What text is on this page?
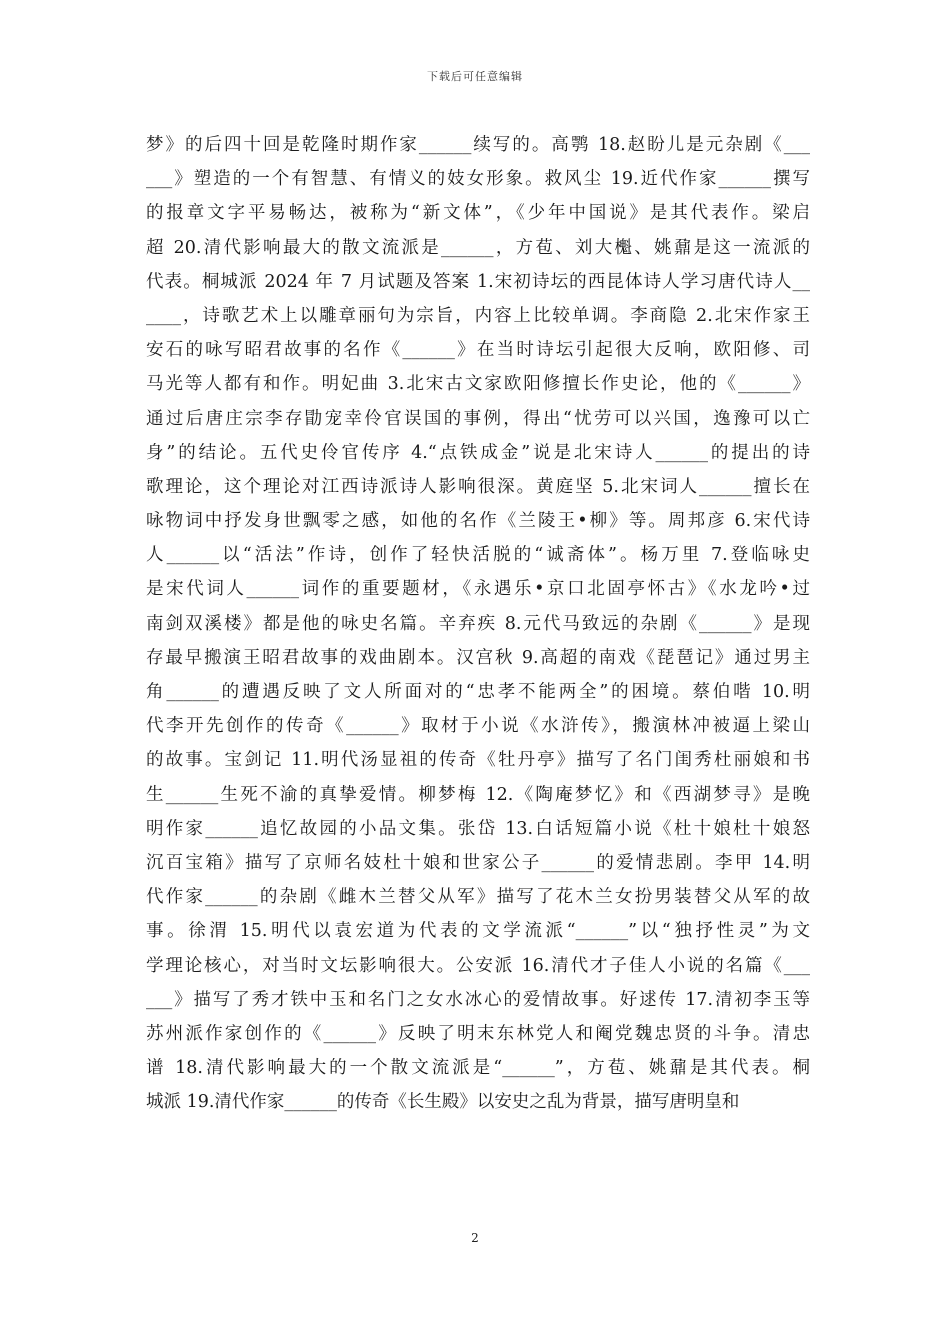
下载后可任意编辑
梦》的后四十回是乾隆时期作家______续写的。高鹗 18.赵盼儿是元杂剧《___
___》塑造的一个有智慧、有情义的妓女形象。救风尘 19.近代作家______撰写
的报章文字平易畅达，被称为“新文体”，《少年中国说》是其代表作。梁启
超 20.清代影响最大的散文流派是______，方苞、刘大櫆、姚鼐是这一流派的
代表。桐城派 2024 年 7 月试题及答案 1.宋初诗坛的西昆体诗人学习唐代诗人__
____，诗歌艺术上以雕章丽句为宗旨，内容上比较单调。李商隐 2.北宋作家王
安石的咏写昭君故事的名作《______》在当时诗坛引起很大反响，欧阳修、司
马光等人都有和作。明妃曲 3.北宋古文家欧阳修擅长作史论，他的《______》
通过后唐庄宗李存勖宠幸伶官误国的事例，得出“忧劳可以兴国，逸豫可以亡
身”的结论。五代史伶官传序 4.“点铁成金”说是北宋诗人______的提出的诗
歌理论，这个理论对江西诗派诗人影响很深。黄庭坚 5.北宋词人______擅长在
咏物词中抒发身世飘零之感，如他的名作《兰陵王•柳》等。周邦彦 6.宋代诗
人______以“活法”作诗，创作了轻快活脱的“诚斋体”。杨万里 7.登临咏史
是宋代词人______词作的重要题材，《永遇乐•京口北固亭怀古》《水龙吟•过
南剑双溪楼》都是他的咏史名篇。辛弃疾 8.元代马致远的杂剧《______》是现
存最早搬演王昭君故事的戏曲剧本。汉宫秋 9.高超的南戏《琵琶记》通过男主
角______的遭遇反映了文人所面对的“忠孝不能两全”的困境。蔡伯喈 10.明
代李开先创作的传奇《______》取材于小说《水浒传》，搬演林冲被逼上梁山
的故事。宝剑记 11.明代汤显祖的传奇《牡丹亭》描写了名门闺秀杜丽娘和书
生______生死不渝的真挚爱情。柳梦梅 12.《陶庵梦忆》和《西湖梦寻》是晚
明作家______追忆故园的小品文集。张岱 13.白话短篇小说《杜十娘杜十娘怒
沉百宝箱》描写了京师名妓杜十娘和世家公子______的爱情悲剧。李甲 14.明
代作家______的杂剧《雌木兰替父从军》描写了花木兰女扮男装替父从军的故
事。徐渭 15.明代以袁宏道为代表的文学流派“______”以“独抒性灵”为文
学理论核心，对当时文坛影响很大。公安派 16.清代才子佳人小说的名篇《___
___》描写了秀才铁中玉和名门之女水冰心的爱情故事。好逑传 17.清初李玉等
苏州派作家创作的《______》反映了明末东林党人和阉党魏忠贤的斗争。清忠
谱 18.清代影响最大的一个散文流派是“______”，方苞、姚鼐是其代表。桐
城派 19.清代作家______的传奇《长生殿》以安史之乱为背景，描写唐明皇和
2
